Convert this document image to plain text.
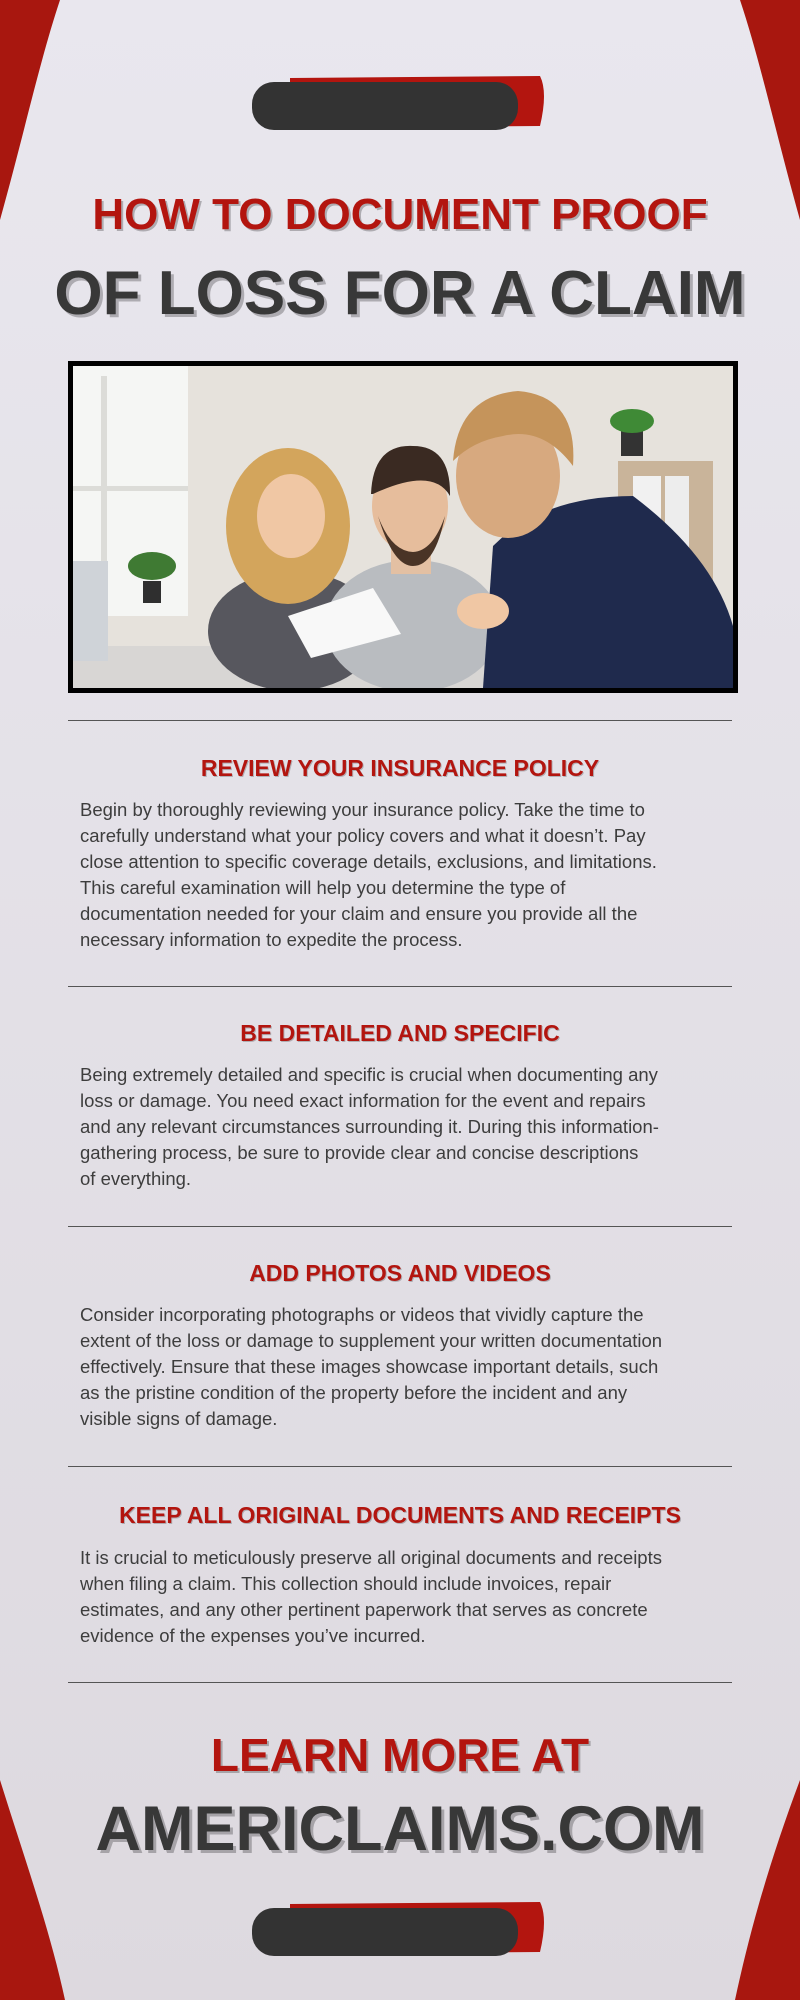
HOW TO DOCUMENT PROOF
OF LOSS FOR A CLAIM
REVIEW YOUR INSURANCE POLICY
Begin by thoroughly reviewing your insurance policy. Take the time to
carefully understand what your policy covers and what it doesn’t. Pay
close attention to specific coverage details, exclusions, and limitations.
This careful examination will help you determine the type of
documentation needed for your claim and ensure you provide all the
necessary information to expedite the process.
BE DETAILED AND SPECIFIC
Being extremely detailed and specific is crucial when documenting any
loss or damage. You need exact information for the event and repairs
and any relevant circumstances surrounding it. During this information-
gathering process, be sure to provide clear and concise descriptions
of everything.
ADD PHOTOS AND VIDEOS
Consider incorporating photographs or videos that vividly capture the
extent of the loss or damage to supplement your written documentation
effectively. Ensure that these images showcase important details, such
as the pristine condition of the property before the incident and any
visible signs of damage.
KEEP ALL ORIGINAL DOCUMENTS AND RECEIPTS
It is crucial to meticulously preserve all original documents and receipts
when filing a claim. This collection should include invoices, repair
estimates, and any other pertinent paperwork that serves as concrete
evidence of the expenses you’ve incurred.
LEARN MORE AT
AMERICLAIMS.COM
